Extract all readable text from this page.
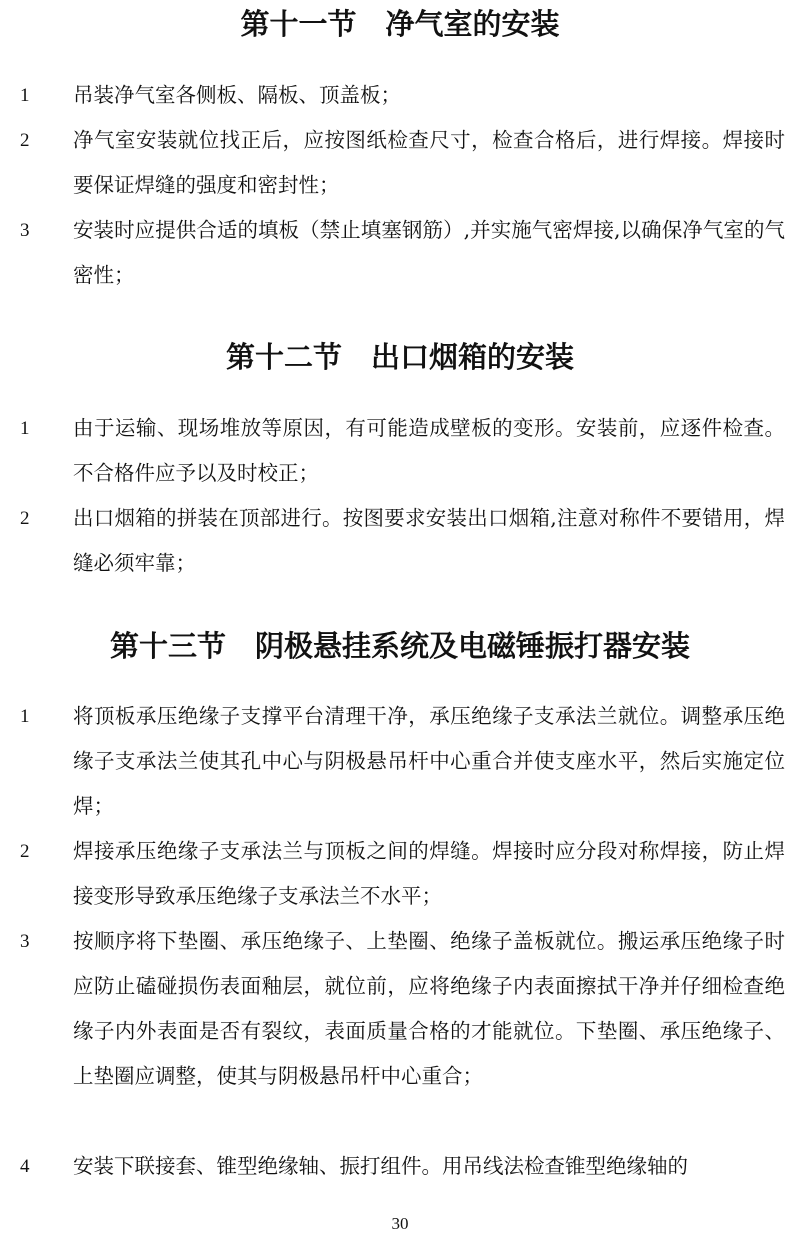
第十一节　净气室的安装
1 吊装净气室各侧板、隔板、顶盖板；
2 净气室安装就位找正后，应按图纸检查尺寸，检查合格后，进行焊接。焊接时要保证焊缝的强度和密封性；
3 安装时应提供合适的填板（禁止填塞钢筋）,并实施气密焊接,以确保净气室的气密性；
第十二节　出口烟箱的安装
1 由于运输、现场堆放等原因，有可能造成壁板的变形。安装前，应逐件检查。不合格件应予以及时校正；
2 出口烟箱的拼装在顶部进行。按图要求安装出口烟箱,注意对称件不要错用，焊缝必须牢靠；
第十三节　阴极悬挂系统及电磁锤振打器安装
1 将顶板承压绝缘子支撑平台清理干净，承压绝缘子支承法兰就位。调整承压绝缘子支承法兰使其孔中心与阴极悬吊杆中心重合并使支座水平，然后实施定位焊；
2 焊接承压绝缘子支承法兰与顶板之间的焊缝。焊接时应分段对称焊接，防止焊接变形导致承压绝缘子支承法兰不水平；
3 按顺序将下垫圈、承压绝缘子、上垫圈、绝缘子盖板就位。搬运承压绝缘子时应防止磕碰损伤表面釉层，就位前，应将绝缘子内表面擦拭干净并仔细检查绝缘子内外表面是否有裂纹，表面质量合格的才能就位。下垫圈、承压绝缘子、上垫圈应调整，使其与阴极悬吊杆中心重合；
4 安装下联接套、锥型绝缘轴、振打组件。用吊线法检查锥型绝缘轴的
30
